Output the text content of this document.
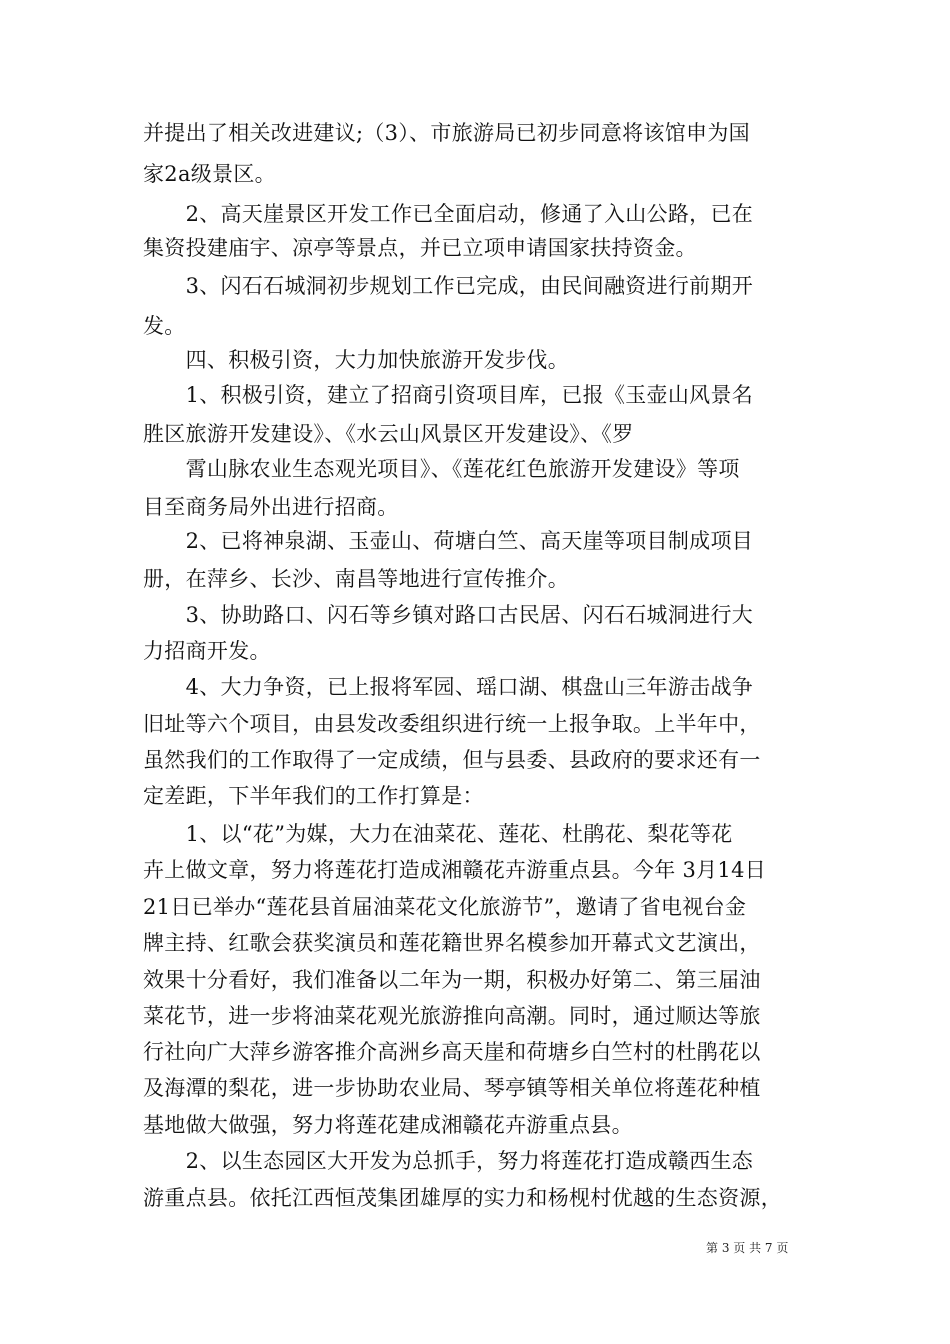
并提出了相关改进建议;（3）、市旅游局已初步同意将该馆申为国
家2a级景区。
　　2、高天崖景区开发工作已全面启动，修通了入山公路，已在
集资投建庙宇、凉亭等景点，并已立项申请国家扶持资金。
　　3、闪石石城洞初步规划工作已完成，由民间融资进行前期开
发。
　　四、积极引资，大力加快旅游开发步伐。
　　1、积极引资，建立了招商引资项目库，已报《玉壶山风景名
胜区旅游开发建设》、《水云山风景区开发建设》、《罗
　　霄山脉农业生态观光项目》、《莲花红色旅游开发建设》等项
目至商务局外出进行招商。
　　2、已将神泉湖、玉壶山、荷塘白竺、高天崖等项目制成项目
册，在萍乡、长沙、南昌等地进行宣传推介。
　　3、协助路口、闪石等乡镇对路口古民居、闪石石城洞进行大
力招商开发。
　　4、大力争资，已上报将军园、瑶口湖、棋盘山三年游击战争
旧址等六个项目，由县发改委组织进行统一上报争取。上半年中，
虽然我们的工作取得了一定成绩，但与县委、县政府的要求还有一
定差距，下半年我们的工作打算是：
　　1、以“花”为媒，大力在油菜花、莲花、杜鹃花、梨花等花
卉上做文章，努力将莲花打造成湘赣花卉游重点县。今年 3月14日
21日已举办“莲花县首届油菜花文化旅游节”，邀请了省电视台金
牌主持、红歌会获奖演员和莲花籍世界名模参加开幕式文艺演出，
效果十分看好，我们准备以二年为一期，积极办好第二、第三届油
菜花节，进一步将油菜花观光旅游推向高潮。同时，通过顺达等旅
行社向广大萍乡游客推介高洲乡高天崖和荷塘乡白竺村的杜鹃花以
及海潭的梨花，进一步协助农业局、琴亭镇等相关单位将莲花种植
基地做大做强，努力将莲花建成湘赣花卉游重点县。
　　2、以生态园区大开发为总抓手，努力将莲花打造成赣西生态
游重点县。依托江西恒茂集团雄厚的实力和杨枧村优越的生态资源，
第 3 页 共 7 页
